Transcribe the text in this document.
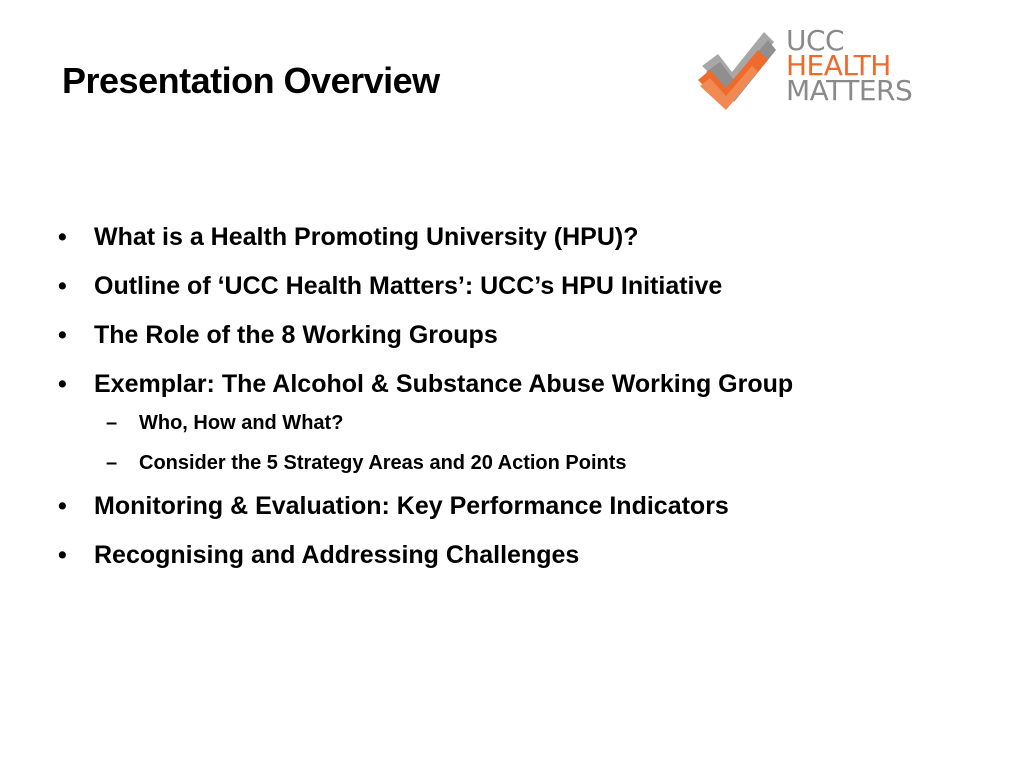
Presentation Overview
UCC
HEALTH
MATTERS
• What is a Health Promoting University (HPU)?
• Outline of ‘UCC Health Matters’: UCC’s HPU Initiative
• The Role of the 8 Working Groups
• Exemplar: The Alcohol & Substance Abuse Working Group
– Who, How and What?
– Consider the 5 Strategy Areas and 20 Action Points
• Monitoring & Evaluation: Key Performance Indicators
• Recognising and Addressing Challenges
